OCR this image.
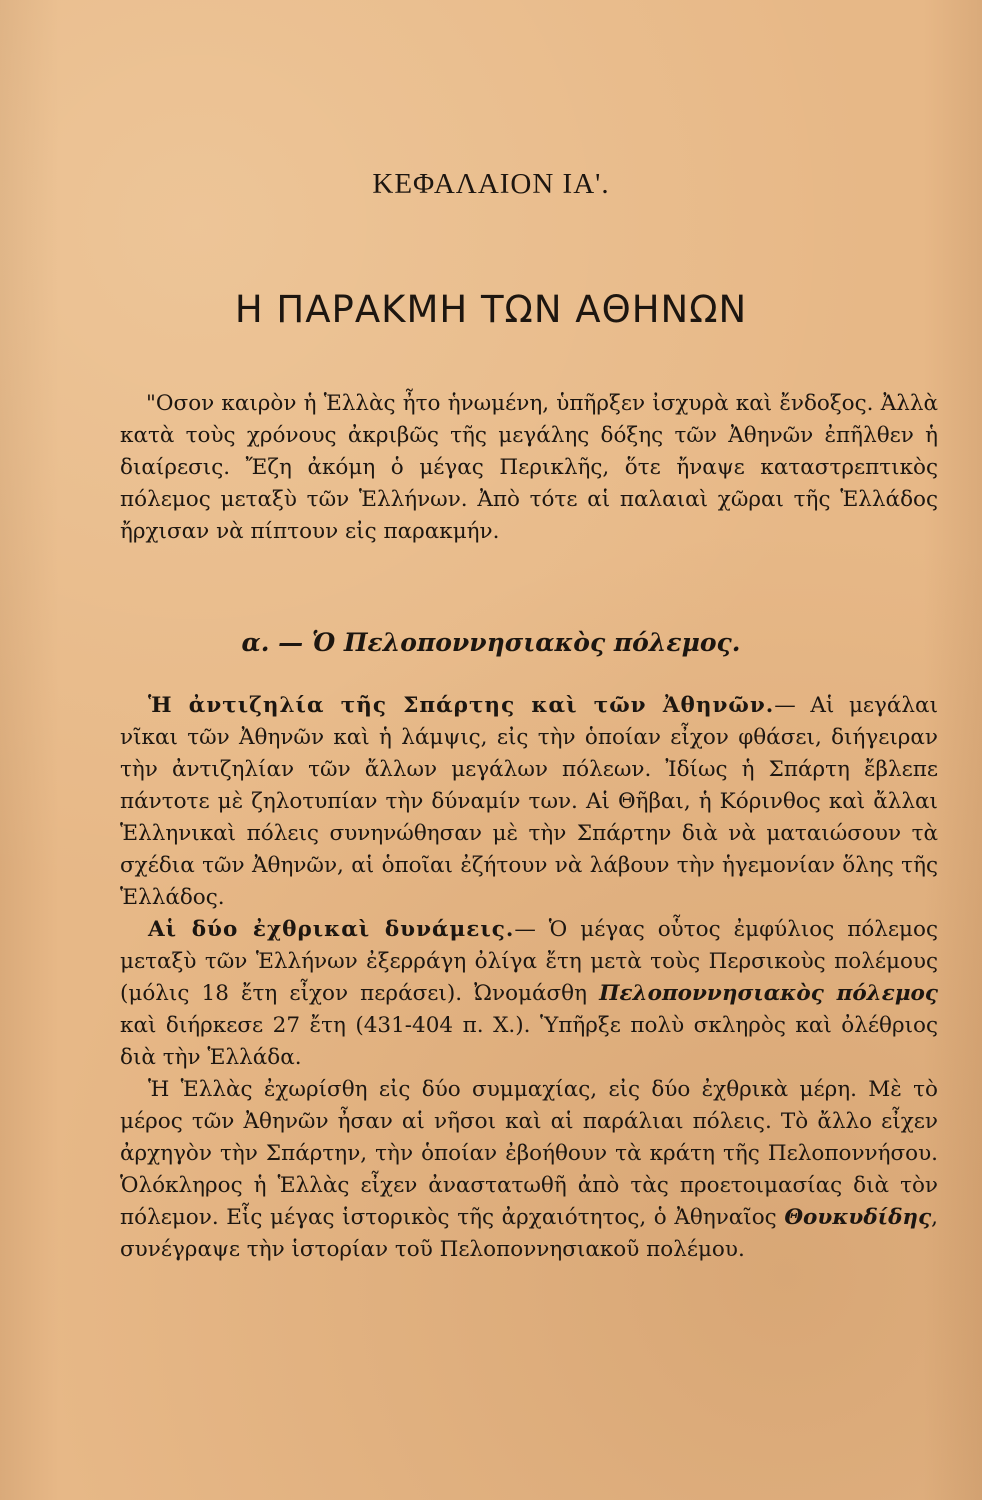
ΚΕΦΑΛΑΙΟΝ ΙΑ'.
Η ΠΑΡΑΚΜΗ ΤΩΝ ΑΘΗΝΩΝ
"Οσον καιρὸν ἡ Ἑλλὰς ἦτο ἡνωμένη, ὑπῆρξεν ἰσχυρὰ καὶ ἔνδοξος. Ἀλλὰ κατὰ τοὺς χρόνους ἀκριβῶς τῆς μεγάλης δόξης τῶν Ἀθηνῶν ἐπῆλθεν ἡ διαίρεσις. Ἔζη ἀκόμη ὁ μέγας Περικλῆς, ὅτε ἤναψε καταστρεπτικὸς πόλεμος μεταξὺ τῶν Ἑλλήνων. Ἀπὸ τότε αἱ παλαιαὶ χῶραι τῆς Ἑλλάδος ἤρχισαν νὰ πίπτουν εἰς παρακμήν.
α. — Ὁ Πελοποννησιακὸς πόλεμος.

Ἡ ἀντιζηλία τῆς Σπάρτης καὶ τῶν Ἀθηνῶν.— Αἱ μεγάλαι νῖκαι τῶν Ἀθηνῶν καὶ ἡ λάμψις, εἰς τὴν ὁποίαν εἶχον φθάσει, διήγειραν τὴν ἀντιζηλίαν τῶν ἄλλων μεγάλων πόλεων. Ἰδίως ἡ Σπάρτη ἔβλεπε πάντοτε μὲ ζηλοτυπίαν τὴν δύναμίν των. Αἱ Θῆβαι, ἡ Κόρινθος καὶ ἄλλαι Ἑλληνικαὶ πόλεις συνηνώθησαν μὲ τὴν Σπάρτην διὰ νὰ ματαιώσουν τὰ σχέδια τῶν Ἀθηνῶν, αἱ ὁποῖαι ἐζήτουν νὰ λάβουν τὴν ἡγεμονίαν ὅλης τῆς Ἑλλάδος.

Αἱ δύο ἐχθρικαὶ δυνάμεις.— Ὁ μέγας οὗτος ἐμφύλιος πόλεμος μεταξὺ τῶν Ἑλλήνων ἐξερράγη ὀλίγα ἔτη μετὰ τοὺς Περσικοὺς πολέμους (μόλις 18 ἔτη εἶχον περάσει). Ὠνομάσθη Πελοποννησιακὸς πόλεμος καὶ διήρκεσε 27 ἔτη (431-404 π. Χ.). Ὑπῆρξε πολὺ σκληρὸς καὶ ὀλέθριος διὰ τὴν Ἑλλάδα.

Ἡ Ἑλλὰς ἐχωρίσθη εἰς δύο συμμαχίας, εἰς δύο ἐχθρικὰ μέρη. Μὲ τὸ μέρος τῶν Ἀθηνῶν ἦσαν αἱ νῆσοι καὶ αἱ παράλιαι πόλεις. Τὸ ἄλλο εἶχεν ἀρχηγὸν τὴν Σπάρτην, τὴν ὁποίαν ἐβοήθουν τὰ κράτη τῆς Πελοποννήσου. Ὁλόκληρος ἡ Ἑλλὰς εἶχεν ἀναστατωθῆ ἀπὸ τὰς προετοιμασίας διὰ τὸν πόλεμον. Εἷς μέγας ἱστορικὸς τῆς ἀρχαιότητος, ὁ Ἀθηναῖος Θουκυδίδης, συνέγραψε τὴν ἱστορίαν τοῦ Πελοποννησιακοῦ πολέμου.
